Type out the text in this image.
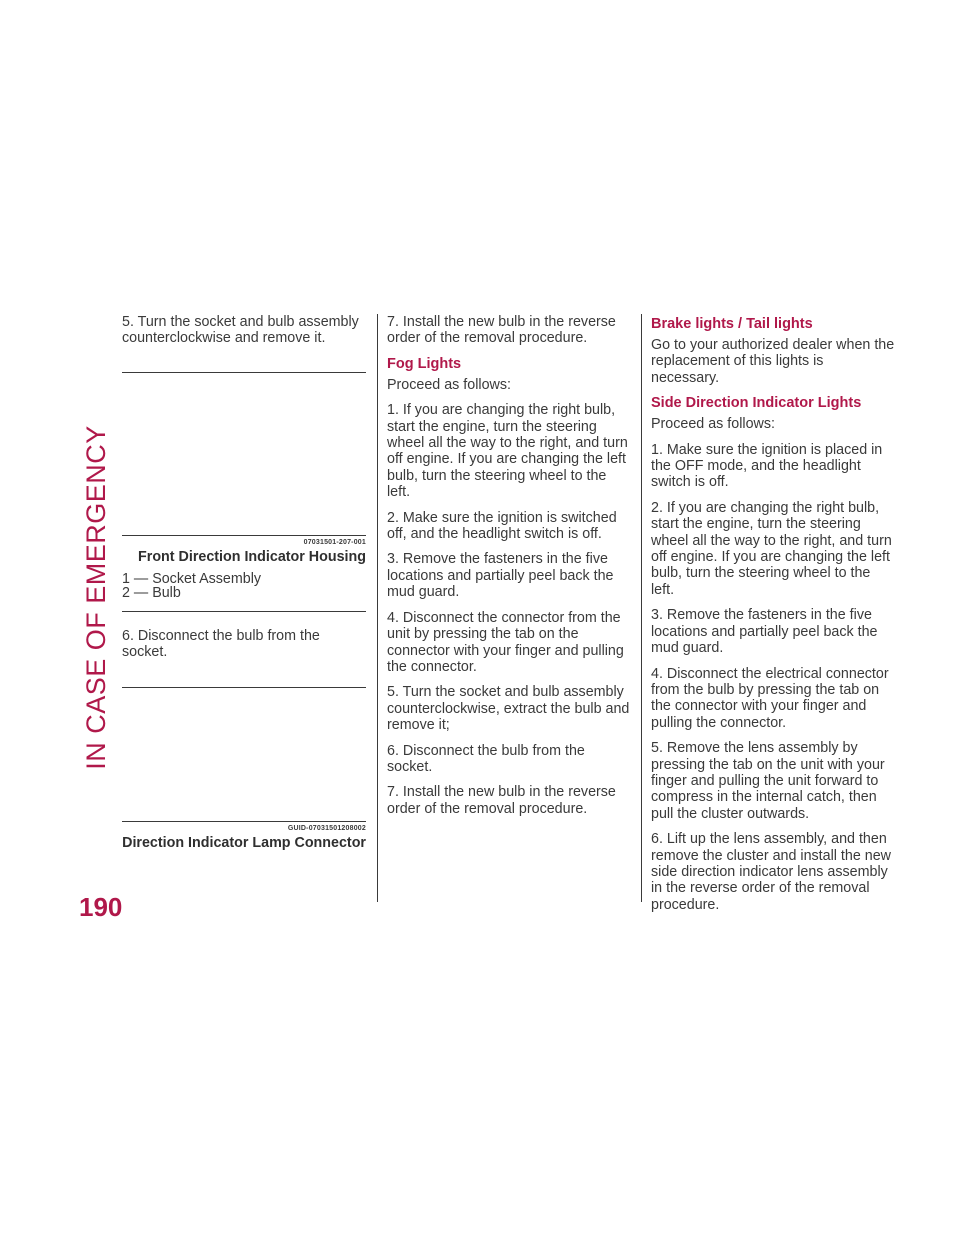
IN CASE OF EMERGENCY
190

5. Turn the socket and bulb assembly counterclockwise and remove it.

07031501-207-001
Front Direction Indicator Housing
1 — Socket Assembly
2 — Bulb

6. Disconnect the bulb from the socket.

GUID-07031501208002
Direction Indicator Lamp Connector

7. Install the new bulb in the reverse order of the removal procedure.

Fog Lights

Proceed as follows:

1. If you are changing the right bulb, start the engine, turn the steering wheel all the way to the right, and turn off engine. If you are changing the left bulb, turn the steering wheel to the left.

2. Make sure the ignition is switched off, and the headlight switch is off.

3. Remove the fasteners in the five locations and partially peel back the mud guard.

4. Disconnect the connector from the unit by pressing the tab on the connector with your finger and pulling the connector.

5. Turn the socket and bulb assembly counterclockwise, extract the bulb and remove it;

6. Disconnect the bulb from the socket.

7. Install the new bulb in the reverse order of the removal procedure.

Brake lights / Tail lights

Go to your authorized dealer when the replacement of this lights is necessary.

Side Direction Indicator Lights

Proceed as follows:

1. Make sure the ignition is placed in the OFF mode, and the headlight switch is off.

2. If you are changing the right bulb, start the engine, turn the steering wheel all the way to the right, and turn off engine. If you are changing the left bulb, turn the steering wheel to the left.

3. Remove the fasteners in the five locations and partially peel back the mud guard.

4. Disconnect the electrical connector from the bulb by pressing the tab on the connector with your finger and pulling the connector.

5. Remove the lens assembly by pressing the tab on the unit with your finger and pulling the unit forward to compress in the internal catch, then pull the cluster outwards.

6. Lift up the lens assembly, and then remove the cluster and install the new side direction indicator lens assembly in the reverse order of the removal procedure.
